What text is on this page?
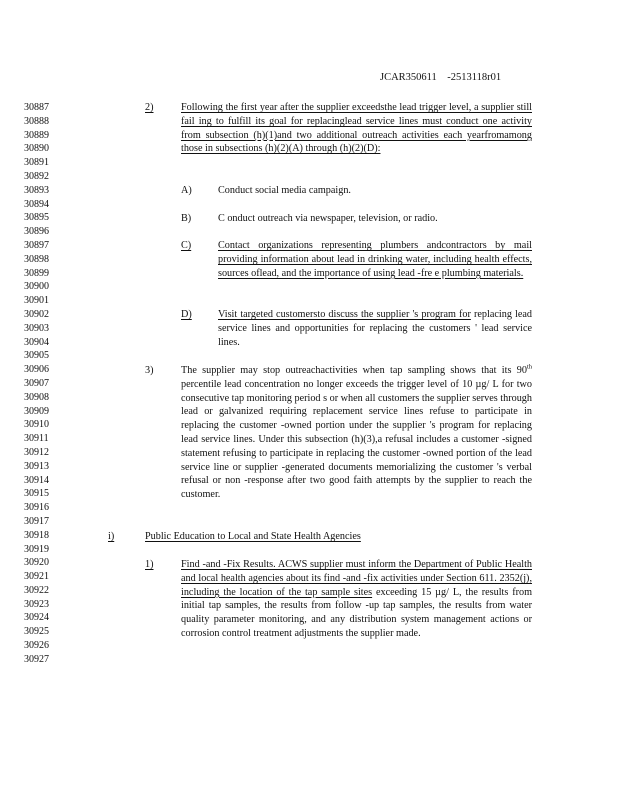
JCAR350611 -2513118r01
30887
30888
30889
30890
30891
30892
30893
30894
30895
30896
30897
30898
30899
30900
30901
30902
30903
30904
30905
30906
30907
30908
30909
30910
30911
30912
30913
30914
30915
30916
30917
30918
30919
30920
30921
30922
30923
30924
30925
30926
30927
2)	Following the first year after the supplier exceedsthe lead trigger level, a supplier still fail ing to fulfill its goal for replacinglead service lines must conduct one activity from subsection (h)(1)and two additional outreach activities each yearfromamong those in subsections (h)(2)(A) through (h)(2)(D):
A)	Conduct social media campaign.
B)	C onduct outreach via newspaper, television, or radio.
C)	Contact organizations representing plumbers andcontractors by mail providing information about lead in drinking water, including health effects, sources oflead, and the importance of using lead -fre e plumbing materials.
D)	Visit targeted customersto discuss the supplier 's program for replacing lead service lines and opportunities for replacing the customers ' lead service lines.
3)	The supplier may stop outreachactivities when tap sampling shows that its 90th percentile lead concentration no longer exceeds the trigger level of 10 µg/ L for two consecutive tap monitoring period s or when all customers the supplier serves through lead or galvanized requiring replacement service lines refuse to participate in replacing the customer -owned portion under the supplier 's program for replacing lead service lines. Under this subsection (h)(3),a refusal includes a customer -signed statement refusing to participate in replacing the customer -owned portion of the lead service line or supplier -generated documents memorializing the customer 's verbal refusal or non -response after two good faith attempts by the supplier to reach the customer.
i)	Public Education to Local and State Health Agencies
1)	Find -and -Fix Results. ACWS supplier must inform the Department of Public Health and local health agencies about its find -and -fix activities under Section 611. 2352(j), including the location of the tap sample sites exceeding 15 µg/ L, the results from initial tap samples, the results from follow -up tap samples, the results from water quality parameter monitoring, and any distribution system management actions or corrosion control treatment adjustments the supplier made.
